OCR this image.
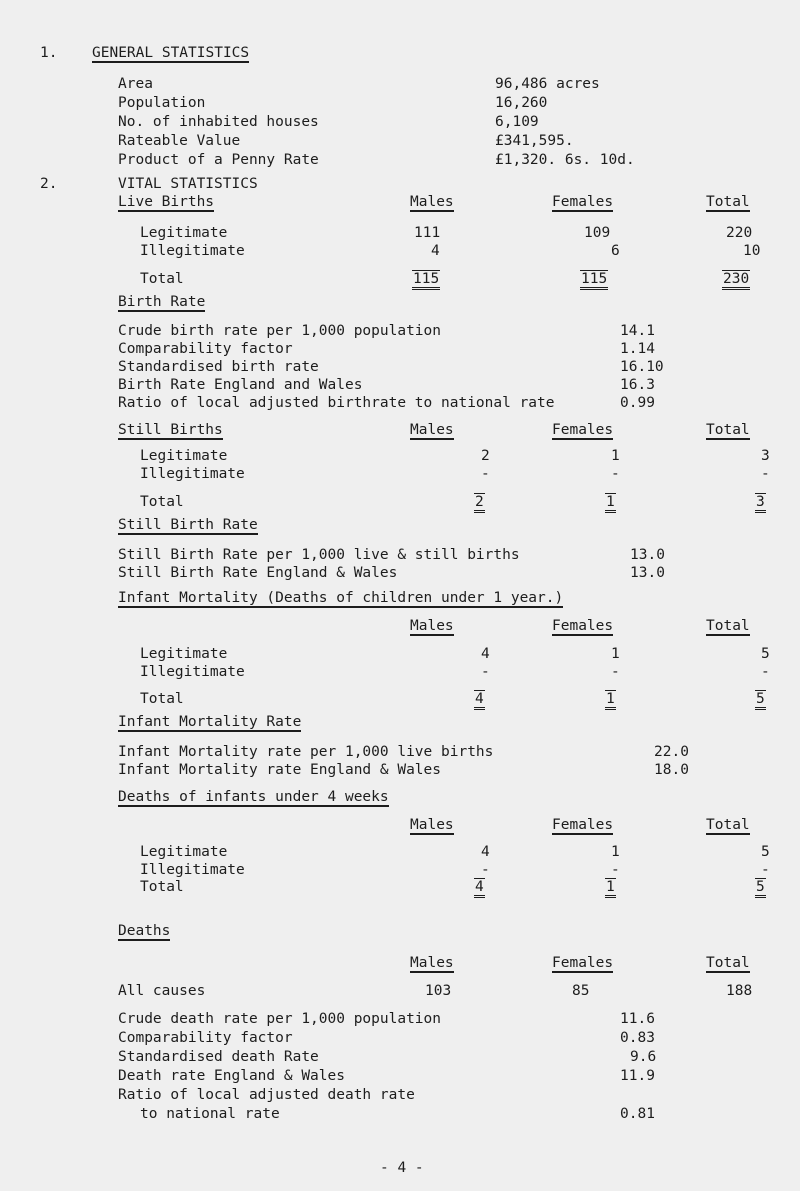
1. GENERAL STATISTICS
Area	96,486 acres
Population	16,260
No. of inhabited houses	6,109
Rateable Value	£341,595.
Product of a Penny Rate	£1,320. 6s. 10d.
2.	VITAL STATISTICS
Live Births	Males	Females	Total
Legitimate	111	109	220
Illegitimate	4	6	10
Total	115	115	230
Birth Rate
Crude birth rate per 1,000 population	14.1
Comparability factor	1.14
Standardised birth rate	16.10
Birth Rate England and Wales	16.3
Ratio of local adjusted birthrate to national rate	0.99
Still Births	Males	Females	Total
Legitimate	2	1	3
Illegitimate	-	-	-
Total	2	1	3
Still Birth Rate
Still Birth Rate per 1,000 live & still births	13.0
Still Birth Rate England & Wales	13.0
Infant Mortality (Deaths of children under 1 year.)
Males	Females	Total
Legitimate	4	1	5
Illegitimate	-	-	-
Total	4	1	5
Infant Mortality Rate
Infant Mortality rate per 1,000 live births	22.0
Infant Mortality rate England & Wales	18.0
Deaths of infants under 4 weeks
Males	Females	Total
Legitimate	4	1	5
Illegitimate	-	-	-
Total	4	1	5
Deaths
Males	Females	Total
All causes	103	85	188
Crude death rate per 1,000 population	11.6
Comparability factor	0.83
Standardised death Rate	9.6
Death rate England & Wales	11.9
Ratio of local adjusted death rate
to national rate	0.81
- 4 -
